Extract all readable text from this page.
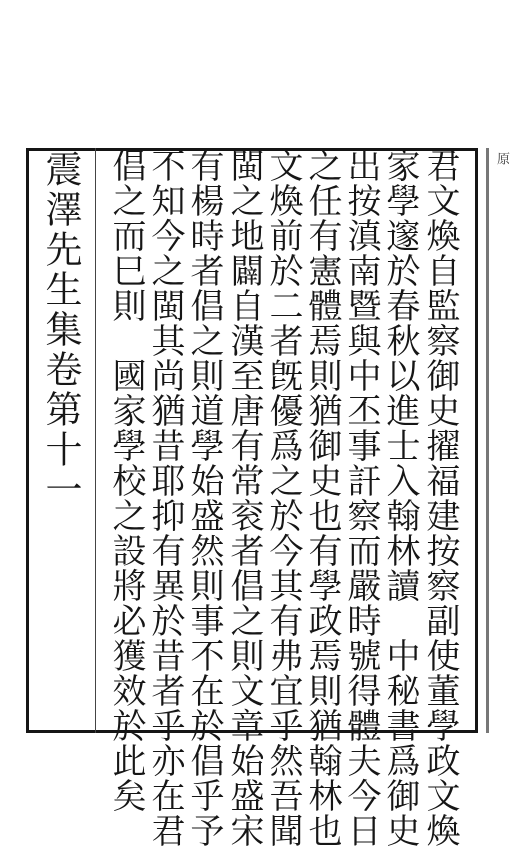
震澤先生集卷第十一	君文煥自監察御史擢福建按察副使董學政文煥
家學邃於春秋以進士入翰林讀　中秘書爲御史
出按滇南暨與中丕事訐察而嚴時號得體夫今日
之任有憲體焉則猶御史也有學政焉則猶翰林也
文煥前於二者旣優爲之於今其有弗宜乎然吾聞
閩之地闢自漢至唐有常衮者倡之則文章始盛宋
有楊時者倡之則道學始盛然則事不在於倡乎予
不知今之閩其尚猶昔耶抑有異於昔者乎亦在君
倡之而巳則　國家學校之設將必獲效於此矣	原
